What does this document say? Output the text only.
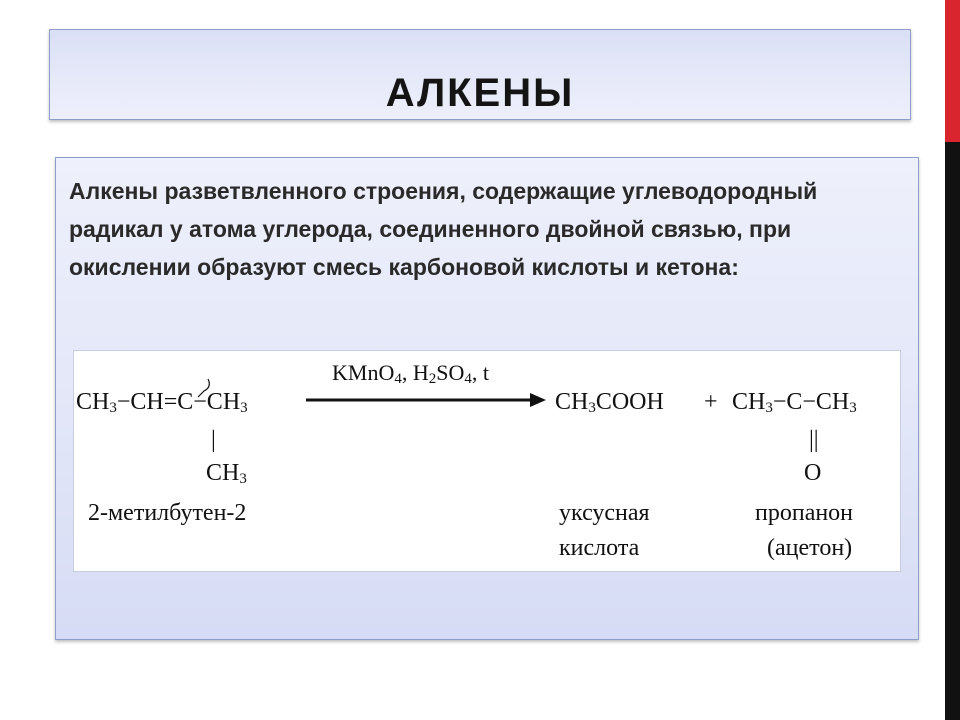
АЛКЕНЫ
Алкены разветвленного строения, содержащие углеводородный радикал у атома углерода, соединенного двойной связью, при окислении образуют смесь карбоновой кислоты и кетона:
$CH_3-CH=C-CH_3$
|
$CH_3$
2-метилбутен-2
KMnO$_4$, $H_2SO_4$, t
$CH_3COOH + CH_3-C-CH_3$
||
O
уксусная
кислота
пропанон
(ацетон)
